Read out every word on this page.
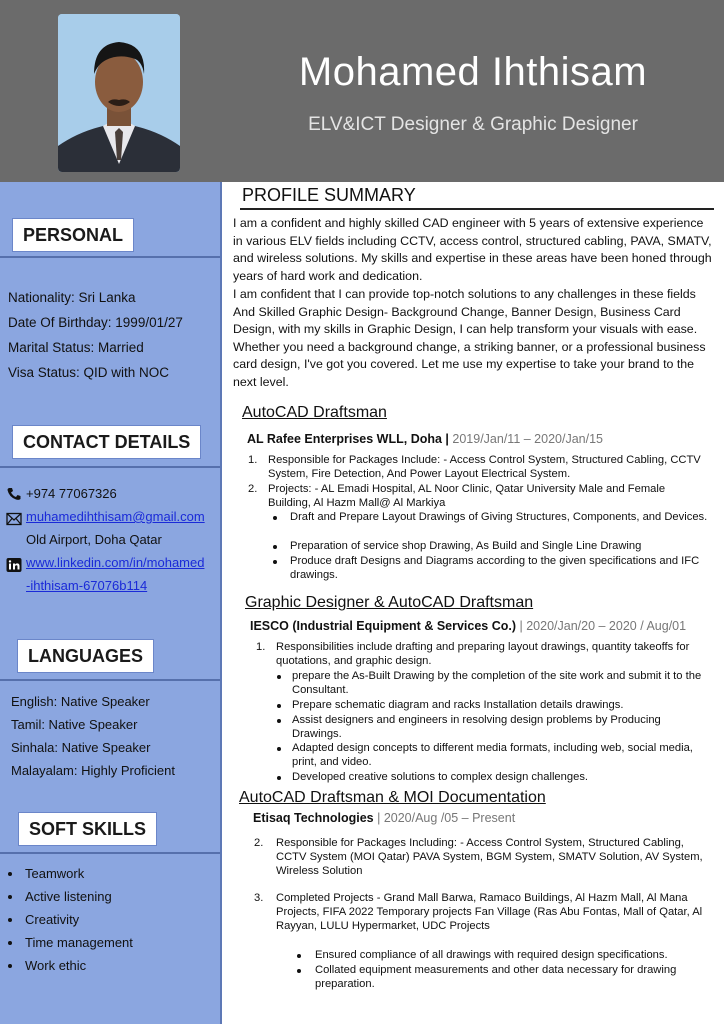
Mohamed Ihthisam
ELV&ICT Designer & Graphic Designer
PERSONAL
Nationality: Sri Lanka
Date Of Birthday: 1999/01/27
Marital Status: Married
Visa Status: QID with NOC
CONTACT DETAILS
+974 77067326
muhamedihthisam@gmail.com
Old Airport, Doha Qatar
www.linkedin.com/in/mohamed
-ihthisam-67076b114
LANGUAGES
English: Native Speaker
Tamil: Native Speaker
Sinhala: Native Speaker
Malayalam: Highly Proficient
SOFT SKILLS
Teamwork
Active listening
Creativity
Time management
Work ethic
PROFILE SUMMARY
I am a confident and highly skilled CAD engineer with 5 years of extensive experience in various ELV fields including CCTV, access control, structured cabling, PAVA, SMATV, and wireless solutions. My skills and expertise in these areas have been honed through years of hard work and dedication.
I am confident that I can provide top-notch solutions to any challenges in these fields And Skilled Graphic Design- Background Change, Banner Design, Business Card Design, with my skills in Graphic Design, I can help transform your visuals with ease. Whether you need a background change, a striking banner, or a professional business card design, I've got you covered. Let me use my expertise to take your brand to the next level.
AutoCAD Draftsman
AL Rafee Enterprises WLL, Doha | 2019/Jan/11 – 2020/Jan/15
1. Responsible for Packages Include: - Access Control System, Structured Cabling, CCTV System, Fire Detection, And Power Layout Electrical System.
2. Projects: - AL Emadi Hospital, AL Noor Clinic, Qatar University Male and Female Building, Al Hazm Mall@ Al Markiya
Draft and Prepare Layout Drawings of Giving Structures, Components, and Devices.
Preparation of service shop Drawing, As Build and Single Line Drawing
Produce draft Designs and Diagrams according to the given specifications and IFC drawings.
Graphic Designer & AutoCAD Draftsman
IESCO (Industrial Equipment & Services Co.) | 2020/Jan/20 – 2020 / Aug/01
1. Responsibilities include drafting and preparing layout drawings, quantity takeoffs for quotations, and graphic design.
prepare the As-Built Drawing by the completion of the site work and submit it to the Consultant.
Prepare schematic diagram and racks Installation details drawings.
Assist designers and engineers in resolving design problems by Producing Drawings.
Adapted design concepts to different media formats, including web, social media, print, and video.
Developed creative solutions to complex design challenges.
AutoCAD Draftsman & MOI Documentation
Etisaq Technologies | 2020/Aug /05 – Present
2. Responsible for Packages Including: - Access Control System, Structured Cabling, CCTV System (MOI Qatar) PAVA System, BGM System, SMATV Solution, AV System, Wireless Solution
3. Completed Projects - Grand Mall Barwa, Ramaco Buildings, Al Hazm Mall, Al Mana Projects, FIFA 2022 Temporary projects Fan Village (Ras Abu Fontas, Mall of Qatar, Al Rayyan, LULU Hypermarket, UDC Projects
Ensured compliance of all drawings with required design specifications.
Collated equipment measurements and other data necessary for drawing preparation.
